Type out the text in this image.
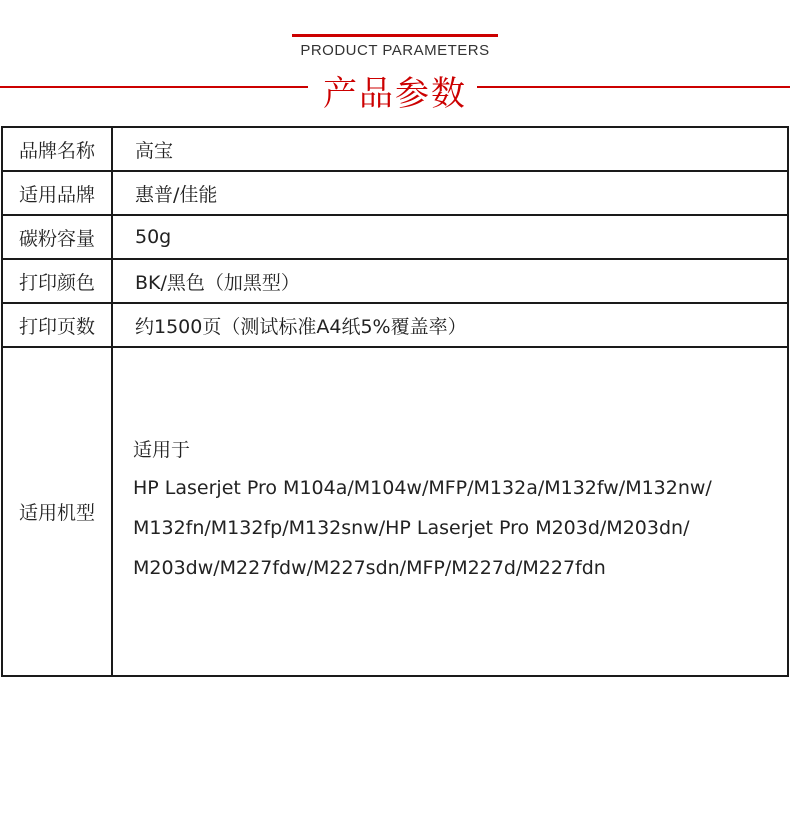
PRODUCT PARAMETERS
产品参数
品牌名称	高宝
适用品牌	惠普/佳能
碳粉容量	50g
打印颜色	BK/黑色（加黑型）
打印页数	约1500页（测试标准A4纸5%覆盖率）
适用机型	适用于
HP Laserjet Pro M104a/M104w/MFP/M132a/M132fw/M132nw/
M132fn/M132fp/M132snw/HP Laserjet Pro M203d/M203dn/
M203dw/M227fdw/M227sdn/MFP/M227d/M227fdn
